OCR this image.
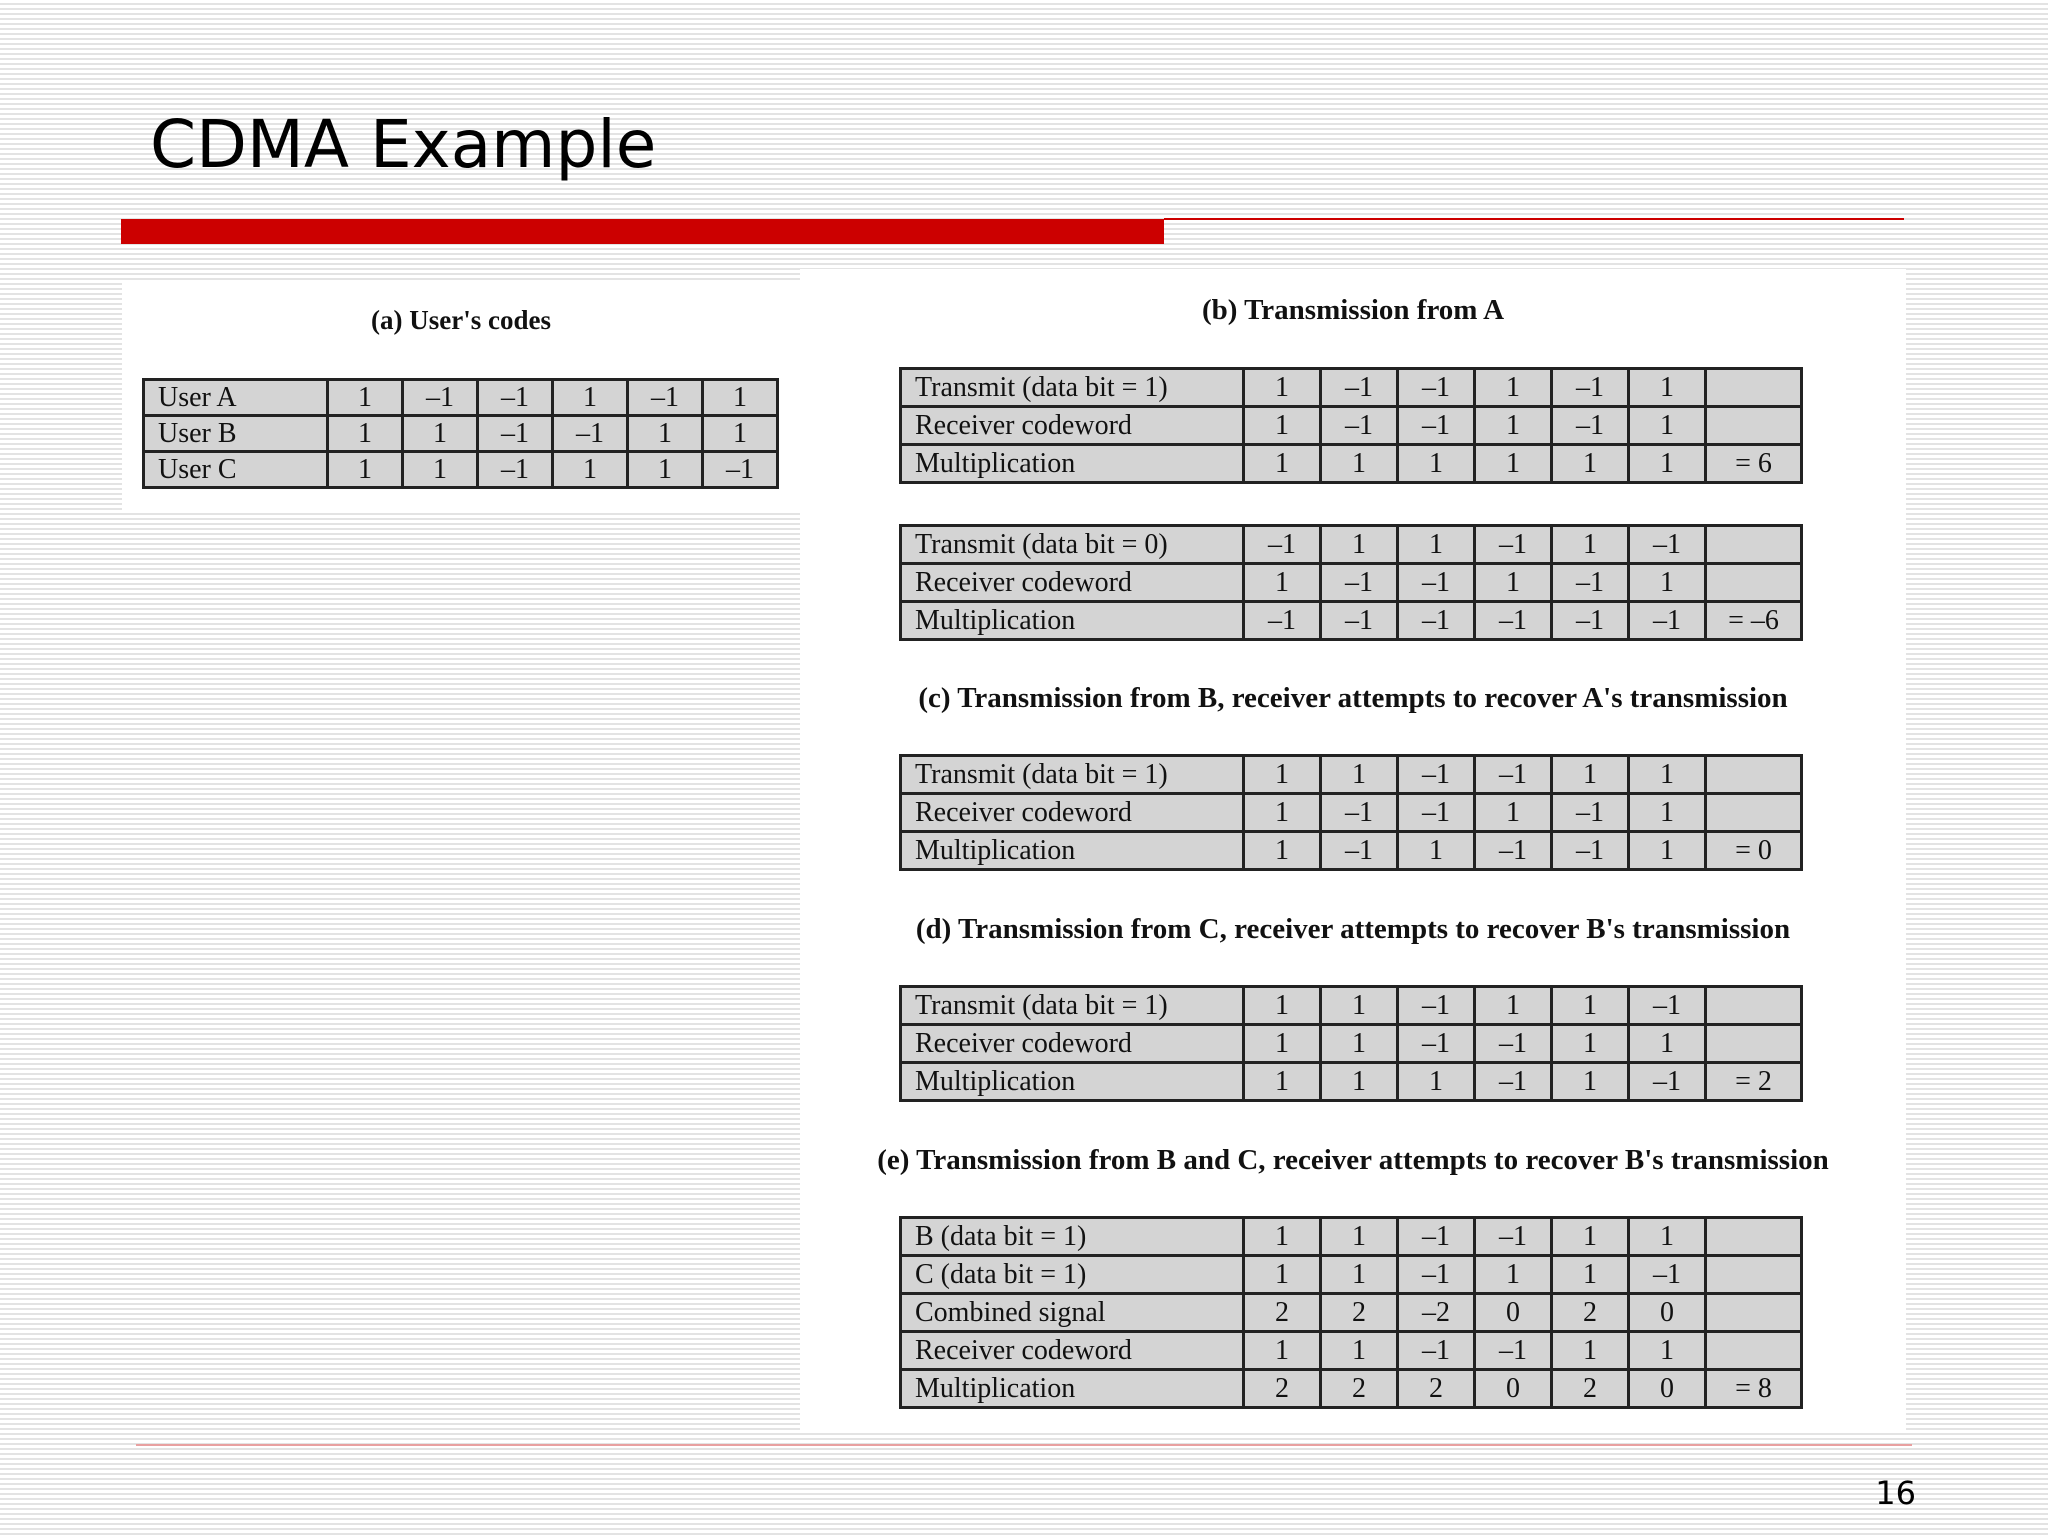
CDMA Example
(a) User's codes
User A	1	–1	–1	1	–1	1
User B	1	1	–1	–1	1	1
User C	1	1	–1	1	1	–1
(b) Transmission from A
Transmit (data bit = 1)	1	–1	–1	1	–1	1	
Receiver codeword	1	–1	–1	1	–1	1	
Multiplication	1	1	1	1	1	1	= 6
Transmit (data bit = 0)	–1	1	1	–1	1	–1	
Receiver codeword	1	–1	–1	1	–1	1	
Multiplication	–1	–1	–1	–1	–1	–1	= –6
(c) Transmission from B, receiver attempts to recover A's transmission
Transmit (data bit = 1)	1	1	–1	–1	1	1	
Receiver codeword	1	–1	–1	1	–1	1	
Multiplication	1	–1	1	–1	–1	1	= 0
(d) Transmission from C, receiver attempts to recover B's transmission
Transmit (data bit = 1)	1	1	–1	1	1	–1	
Receiver codeword	1	1	–1	–1	1	1	
Multiplication	1	1	1	–1	1	–1	= 2
(e) Transmission from B and C, receiver attempts to recover B's transmission
B (data bit = 1)	1	1	–1	–1	1	1	
C (data bit = 1)	1	1	–1	1	1	–1	
Combined signal	2	2	–2	0	2	0	
Receiver codeword	1	1	–1	–1	1	1	
Multiplication	2	2	2	0	2	0	= 8
16
